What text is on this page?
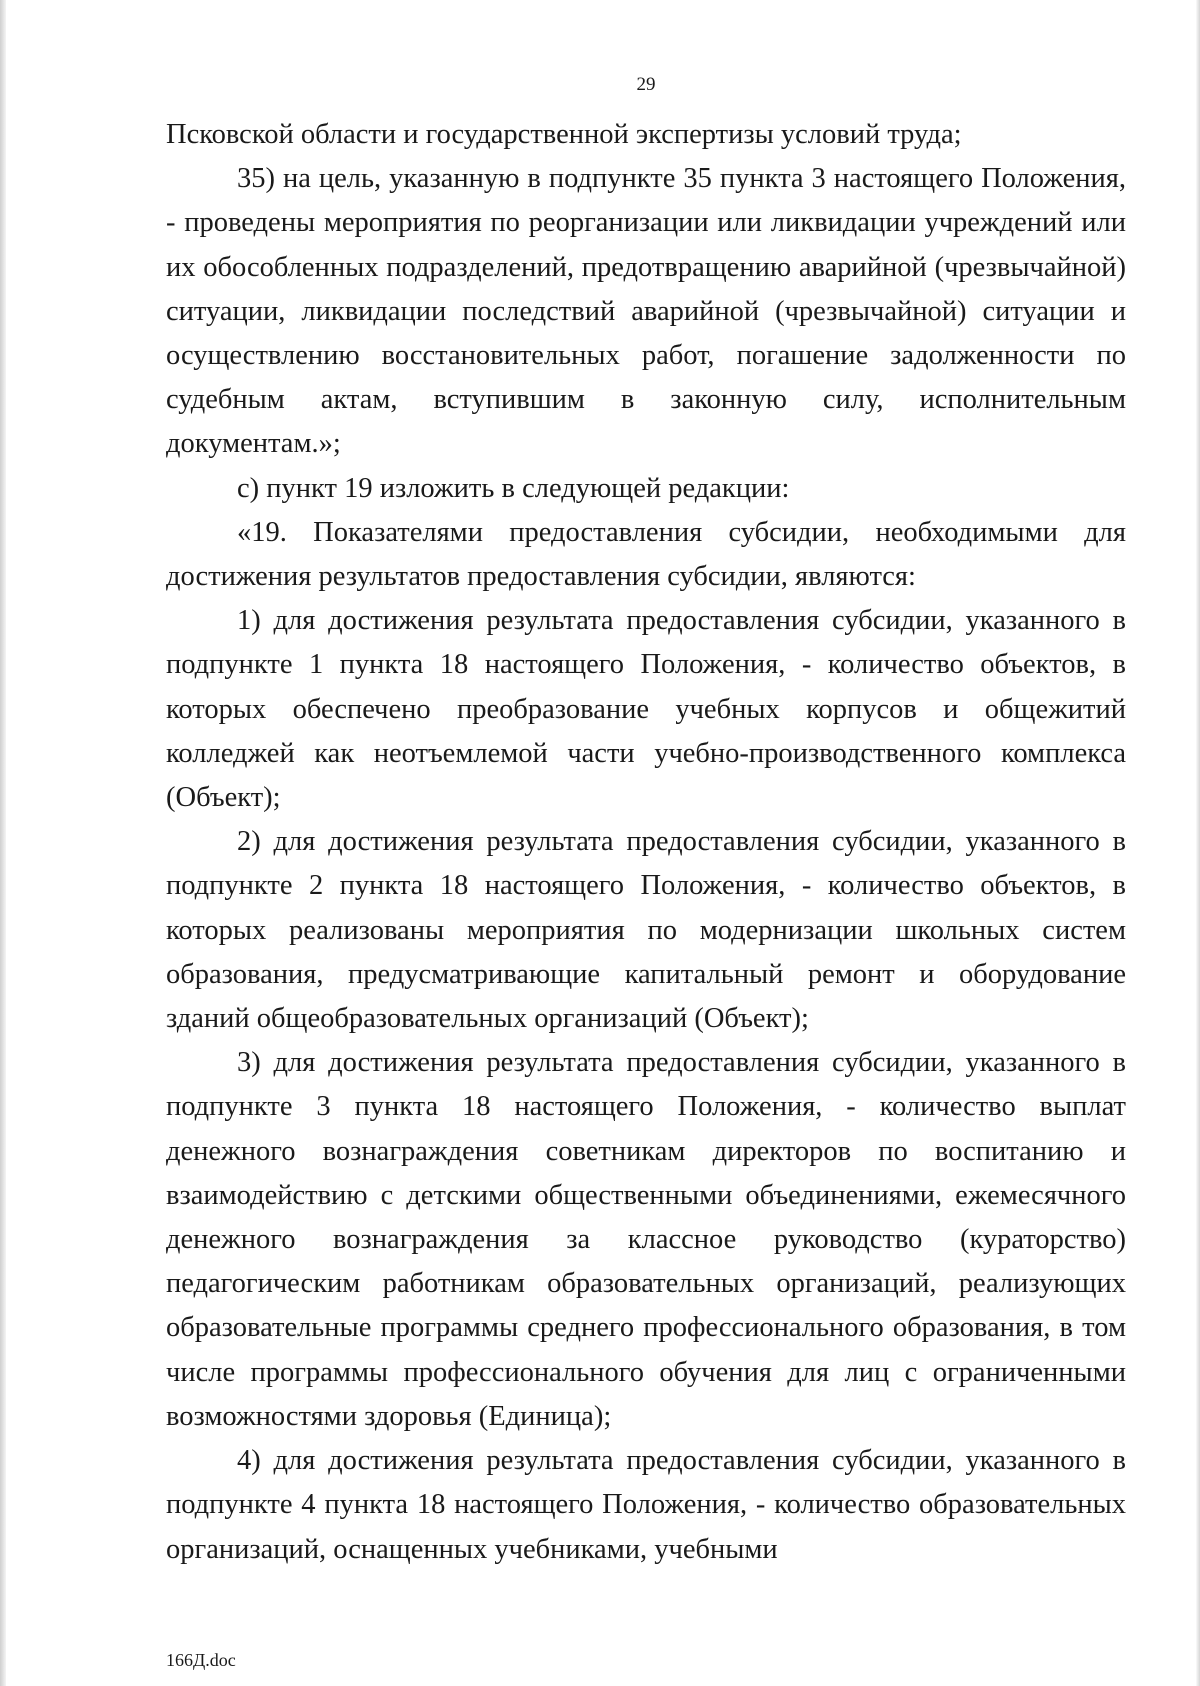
29

Псковской области и государственной экспертизы условий труда;

35) на цель, указанную в подпункте 35 пункта 3 настоящего Положения, - проведены мероприятия по реорганизации или ликвидации учреждений или их обособленных подразделений, предотвращению аварийной (чрезвычайной) ситуации, ликвидации последствий аварийной (чрезвычайной) ситуации и осуществлению восстановительных работ, погашение задолженности по судебным актам, вступившим в законную силу, исполнительным документам.»;

с) пункт 19 изложить в следующей редакции:

«19. Показателями предоставления субсидии, необходимыми для достижения результатов предоставления субсидии, являются:

1) для достижения результата предоставления субсидии, указанного в подпункте 1 пункта 18 настоящего Положения, - количество объектов, в которых обеспечено преобразование учебных корпусов и общежитий колледжей как неотъемлемой части учебно-производственного комплекса (Объект);

2) для достижения результата предоставления субсидии, указанного в подпункте 2 пункта 18 настоящего Положения, - количество объектов, в которых реализованы мероприятия по модернизации школьных систем образования, предусматривающие капитальный ремонт и оборудование зданий общеобразовательных организаций (Объект);

3) для достижения результата предоставления субсидии, указанного в подпункте 3 пункта 18 настоящего Положения, - количество выплат денежного вознаграждения советникам директоров по воспитанию и взаимодействию с детскими общественными объединениями, ежемесячного денежного вознаграждения за классное руководство (кураторство) педагогическим работникам образовательных организаций, реализующих образовательные программы среднего профессионального образования, в том числе программы профессионального обучения для лиц с ограниченными возможностями здоровья (Единица);

4) для достижения результата предоставления субсидии, указанного в подпункте 4 пункта 18 настоящего Положения, - количество образовательных организаций, оснащенных учебниками, учебными

166Д.doc
